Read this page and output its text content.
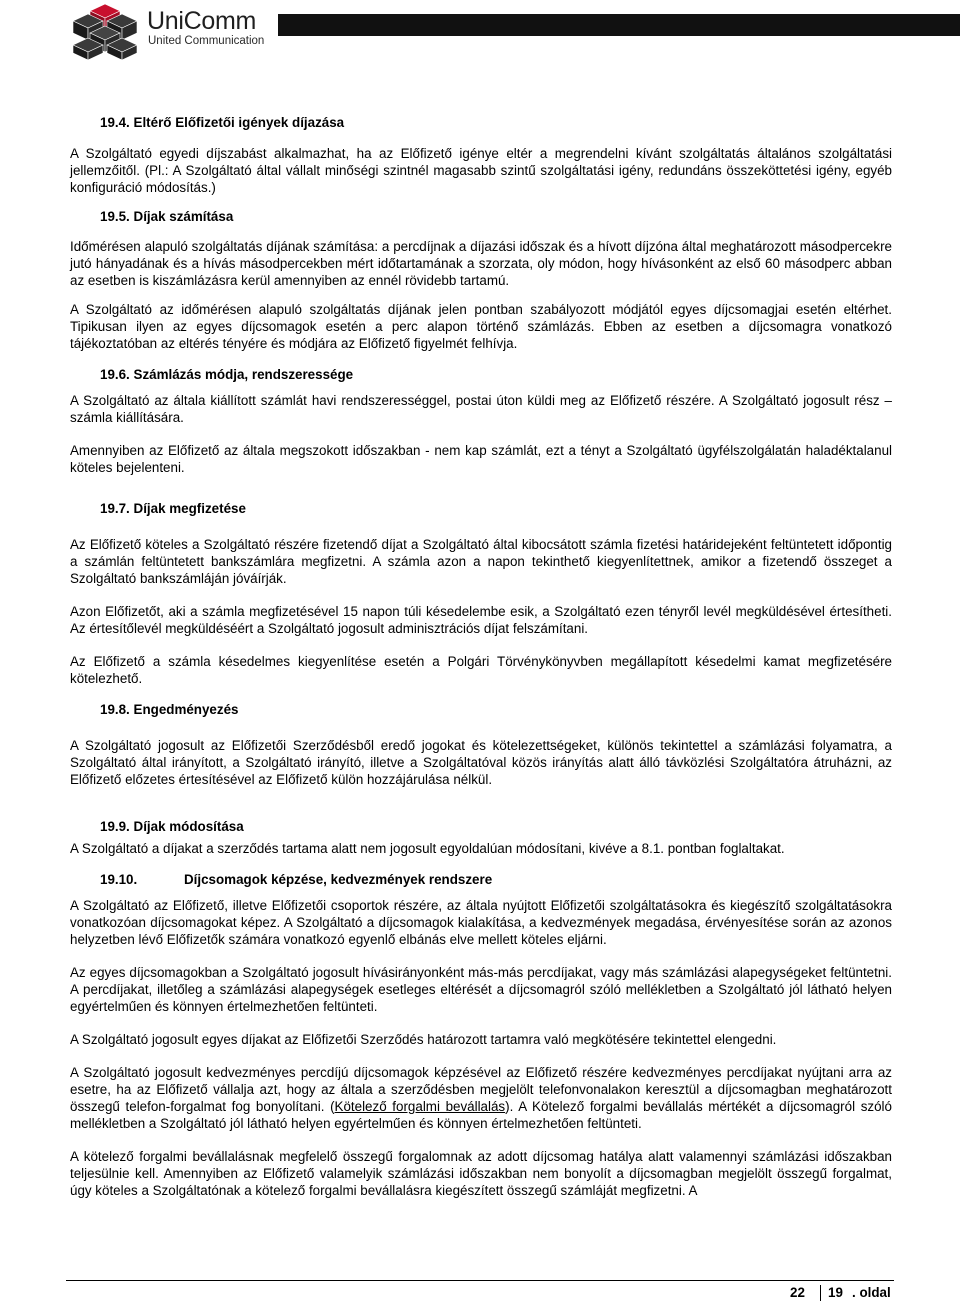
UniComm
United Communication

19.4. Eltérő Előfizetői igények díjazása

A Szolgáltató egyedi díjszabást alkalmazhat, ha az Előfizető igénye eltér a megrendelni kívánt szolgáltatás általános szolgáltatási jellemzőitől. (Pl.: A Szolgáltató által vállalt minőségi szintnél magasabb szintű szolgáltatási igény, redundáns összeköttetési igény, egyéb konfiguráció módosítás.)

19.5. Díjak számítása

Időmérésen alapuló szolgáltatás díjának számítása: a percdíjnak a díjazási időszak és a hívott díjzóna által meghatározott másodpercekre jutó hányadának és a hívás másodpercekben mért időtartamának a szorzata, oly módon, hogy hívásonként az első 60 másodperc abban az esetben is kiszámlázásra kerül amennyiben az ennél rövidebb tartamú.

A Szolgáltató az időmérésen alapuló szolgáltatás díjának jelen pontban szabályozott módjától egyes díjcsomagjai esetén eltérhet. Tipikusan ilyen az egyes díjcsomagok esetén a perc alapon történő számlázás. Ebben az esetben a díjcsomagra vonatkozó tájékoztatóban az eltérés tényére és módjára az Előfizető figyelmét felhívja.

19.6. Számlázás módja, rendszeressége

A Szolgáltató az általa kiállított számlát havi rendszerességgel, postai úton küldi meg az Előfizető részére. A Szolgáltató jogosult rész –számla kiállítására.

Amennyiben az Előfizető az általa megszokott időszakban - nem kap számlát, ezt a tényt a Szolgáltató ügyfélszolgálatán haladéktalanul köteles bejelenteni.

19.7. Díjak megfizetése

Az Előfizető köteles a Szolgáltató részére fizetendő díjat a Szolgáltató által kibocsátott számla fizetési határidejeként feltüntetett időpontig a számlán feltüntetett bankszámlára megfizetni. A számla azon a napon tekinthető kiegyenlítettnek, amikor a fizetendő összeget a Szolgáltató bankszámláján jóváírják.

Azon Előfizetőt, aki a számla megfizetésével 15 napon túli késedelembe esik, a Szolgáltató ezen tényről levél megküldésével értesítheti. Az értesítőlevél megküldéséért a Szolgáltató jogosult adminisztrációs díjat felszámítani.

Az Előfizető a számla késedelmes kiegyenlítése esetén a Polgári Törvénykönyvben megállapított késedelmi kamat megfizetésére kötelezhető.

19.8. Engedményezés

A Szolgáltató jogosult az Előfizetői Szerződésből eredő jogokat és kötelezettségeket, különös tekintettel a számlázási folyamatra, a Szolgáltató által irányított, a Szolgáltató irányító, illetve a Szolgáltatóval közös irányítás alatt álló távközlési Szolgáltatóra átruházni, az Előfizető előzetes értesítésével az Előfizető külön hozzájárulása nélkül.

19.9. Díjak módosítása

A Szolgáltató a díjakat a szerződés tartama alatt nem jogosult egyoldalúan módosítani, kivéve a 8.1. pontban foglaltakat.

19.10.	Díjcsomagok képzése, kedvezmények rendszere

A Szolgáltató az Előfizető, illetve Előfizetői csoportok részére, az általa nyújtott Előfizetői szolgáltatásokra és kiegészítő szolgáltatásokra vonatkozóan díjcsomagokat képez. A Szolgáltató a díjcsomagok kialakítása, a kedvezmények megadása, érvényesítése során az azonos helyzetben lévő Előfizetők számára vonatkozó egyenlő elbánás elve mellett köteles eljárni.

Az egyes díjcsomagokban a Szolgáltató jogosult hívásirányonként más-más percdíjakat, vagy más számlázási alapegységeket feltüntetni. A percdíjakat, illetőleg a számlázási alapegységek esetleges eltérését a díjcsomagról szóló mellékletben a Szolgáltató jól látható helyen egyértelműen és könnyen értelmezhetően feltünteti.

A Szolgáltató jogosult egyes díjakat az Előfizetői Szerződés határozott tartamra való megkötésére tekintettel elengedni.

A Szolgáltató jogosult kedvezményes percdíjú díjcsomagok képzésével az Előfizető részére kedvezményes percdíjakat nyújtani arra az esetre, ha az Előfizető vállalja azt, hogy az általa a szerződésben megjelölt telefonvonalakon keresztül a díjcsomagban meghatározott összegű telefon-forgalmat fog bonyolítani. (Kötelező forgalmi bevállalás). A Kötelező forgalmi bevállalás mértékét a díjcsomagról szóló mellékletben a Szolgáltató jól látható helyen egyértelműen és könnyen értelmezhetően feltünteti.

A kötelező forgalmi bevállalásnak megfelelő összegű forgalomnak az adott díjcsomag hatálya alatt valamennyi számlázási időszakban teljesülnie kell. Amennyiben az Előfizető valamelyik számlázási időszakban nem bonyolít a díjcsomagban megjelölt összegű forgalmat, úgy köteles a Szolgáltatónak a kötelező forgalmi bevállalásra kiegészített összegű számláját megfizetni. A

22 19 . oldal
